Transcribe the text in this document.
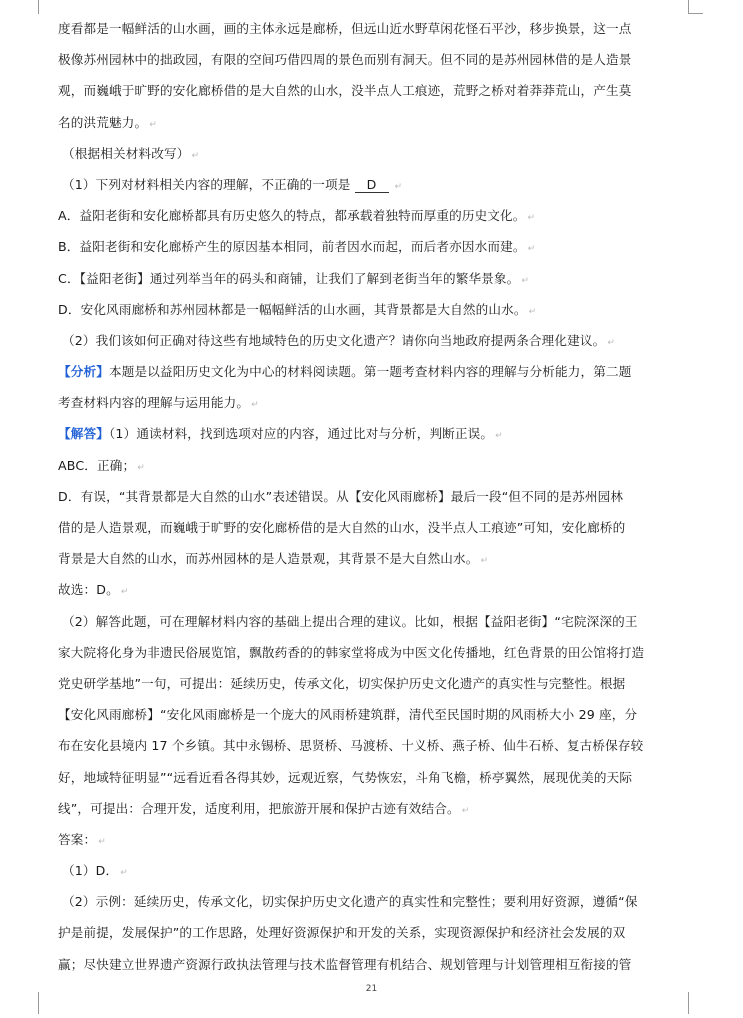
度看都是一幅鲜活的山水画，画的主体永远是廊桥，但远山近水野草闲花怪石平沙，移步换景，这一点
极像苏州园林中的拙政园，有限的空间巧借四周的景色而别有洞天。但不同的是苏州园林借的是人造景
观，而巍峨于旷野的安化廊桥借的是大自然的山水，没半点人工痕迹，荒野之桥对着莽莽荒山，产生莫
名的洪荒魅力。 ↵
（根据相关材料改写） ↵
（1）下列对材料相关内容的理解，不正确的一项是 D ↵
A．益阳老街和安化廊桥都具有历史悠久的特点，都承载着独特而厚重的历史文化。 ↵
B．益阳老街和安化廊桥产生的原因基本相同，前者因水而起，而后者亦因水而建。 ↵
C．【益阳老街】通过列举当年的码头和商铺，让我们了解到老街当年的繁华景象。 ↵
D．安化风雨廊桥和苏州园林都是一幅幅鲜活的山水画，其背景都是大自然的山水。 ↵
（2）我们该如何正确对待这些有地域特色的历史文化遗产？请你向当地政府提两条合理化建议。 ↵
【分析】本题是以益阳历史文化为中心的材料阅读题。第一题考查材料内容的理解与分析能力，第二题
考查材料内容的理解与运用能力。 ↵
【解答】（1）通读材料，找到选项对应的内容，通过比对与分析，判断正误。 ↵
ABC．正确； ↵
D．有误，“其背景都是大自然的山水”表述错误。从【安化风雨廊桥】最后一段“但不同的是苏州园林
借的是人造景观，而巍峨于旷野的安化廊桥借的是大自然的山水，没半点人工痕迹”可知，安化廊桥的
背景是大自然的山水，而苏州园林的是人造景观，其背景不是大自然山水。 ↵
故选：D。 ↵
（2）解答此题，可在理解材料内容的基础上提出合理的建议。比如，根据【益阳老街】“宅院深深的王
家大院将化身为非遗民俗展览馆，飘散药香的的韩家堂将成为中医文化传播地，红色背景的田公馆将打造
党史研学基地”一句，可提出：延续历史，传承文化，切实保护历史文化遗产的真实性与完整性。根据
【安化风雨廊桥】“安化风雨廊桥是一个庞大的风雨桥建筑群，清代至民国时期的风雨桥大小 29 座，分
布在安化县境内 17 个乡镇。其中永锡桥、思贤桥、马渡桥、十义桥、燕子桥、仙牛石桥、复古桥保存较
好，地域特征明显”“远看近看各得其妙，远观近察，气势恢宏，斗角飞檐，桥亭翼然，展现优美的天际
线”，可提出：合理开发，适度利用，把旅游开展和保护古迹有效结合。 ↵
答案： ↵
（1）D． ↵
（2）示例：延续历史，传承文化，切实保护历史文化遗产的真实性和完整性；要利用好资源，遵循“保
护是前提，发展保护”的工作思路，处理好资源保护和开发的关系，实现资源保护和经济社会发展的双
赢；尽快建立世界遗产资源行政执法管理与技术监督管理有机结合、规划管理与计划管理相互衔接的管
21
